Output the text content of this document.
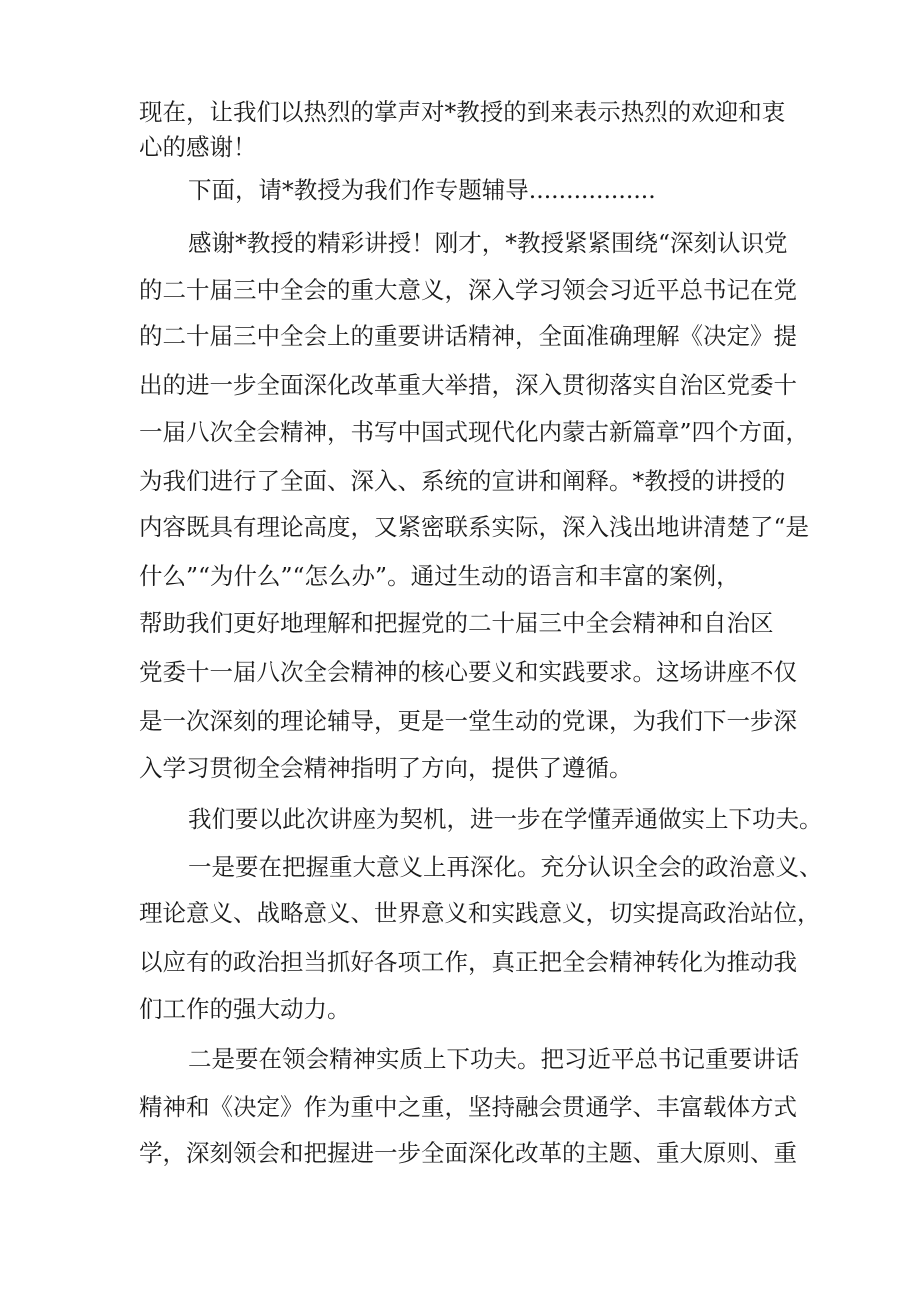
现在，让我们以热烈的掌声对*教授的到来表示热烈的欢迎和衷
心的感谢！
下面，请*教授为我们作专题辅导.................
感谢*教授的精彩讲授！刚才，*教授紧紧围绕“深刻认识党
的二十届三中全会的重大意义，深入学习领会习近平总书记在党
的二十届三中全会上的重要讲话精神，全面准确理解《决定》提
出的进一步全面深化改革重大举措，深入贯彻落实自治区党委十
一届八次全会精神，书写中国式现代化内蒙古新篇章”四个方面，
为我们进行了全面、深入、系统的宣讲和阐释。*教授的讲授的
内容既具有理论高度，又紧密联系实际，深入浅出地讲清楚了“是
什么”“为什么”“怎么办”。通过生动的语言和丰富的案例，
帮助我们更好地理解和把握党的二十届三中全会精神和自治区
党委十一届八次全会精神的核心要义和实践要求。这场讲座不仅
是一次深刻的理论辅导，更是一堂生动的党课，为我们下一步深
入学习贯彻全会精神指明了方向，提供了遵循。
我们要以此次讲座为契机，进一步在学懂弄通做实上下功夫。
一是要在把握重大意义上再深化。充分认识全会的政治意义、
理论意义、战略意义、世界意义和实践意义，切实提高政治站位，
以应有的政治担当抓好各项工作，真正把全会精神转化为推动我
们工作的强大动力。
二是要在领会精神实质上下功夫。把习近平总书记重要讲话
精神和《决定》作为重中之重，坚持融会贯通学、丰富载体方式
学，深刻领会和把握进一步全面深化改革的主题、重大原则、重
